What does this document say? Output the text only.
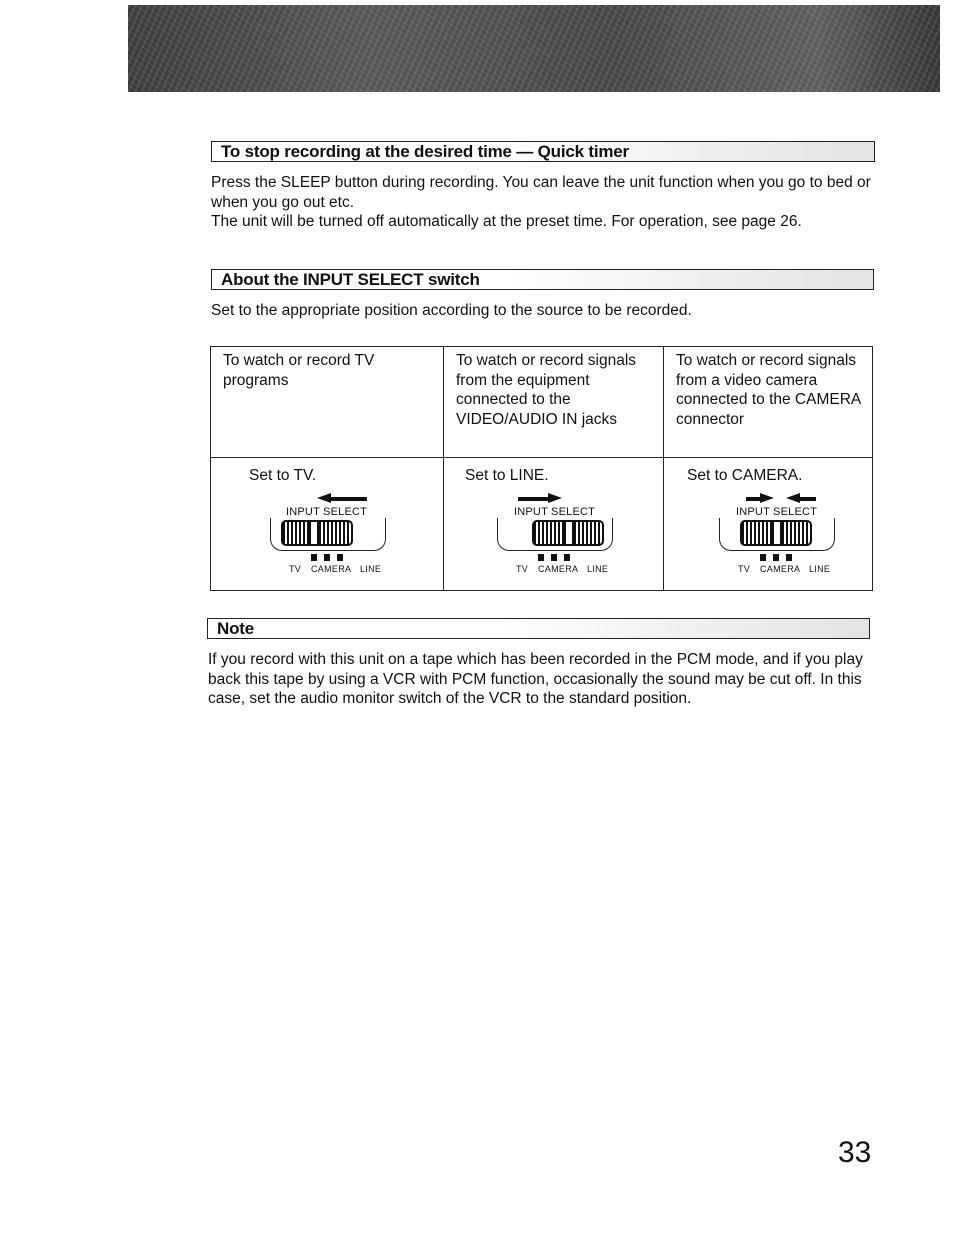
To stop recording at the desired time — Quick timer

Press the SLEEP button during recording. You can leave the unit function when you go to bed or when you go out etc.

The unit will be turned off automatically at the preset time. For operation, see page 26.

About the INPUT SELECT switch

Set to the appropriate position according to the source to be recorded.

To watch or record TV programs	To watch or record signals from the equipment connected to the VIDEO/AUDIO IN jacks	To watch or record signals from a video camera connected to the CAMERA connector

Set to TV.
INPUT SELECT
TV CAMERA LINE	Set to LINE.
INPUT SELECT
TV CAMERA LINE	Set to CAMERA.
INPUT SELECT
TV CAMERA LINE
Note

If you record with this unit on a tape which has been recorded in the PCM mode, and if you play back this tape by using a VCR with PCM function, occasionally the sound may be cut off. In this case, set the audio monitor switch of the VCR to the standard position.

33
